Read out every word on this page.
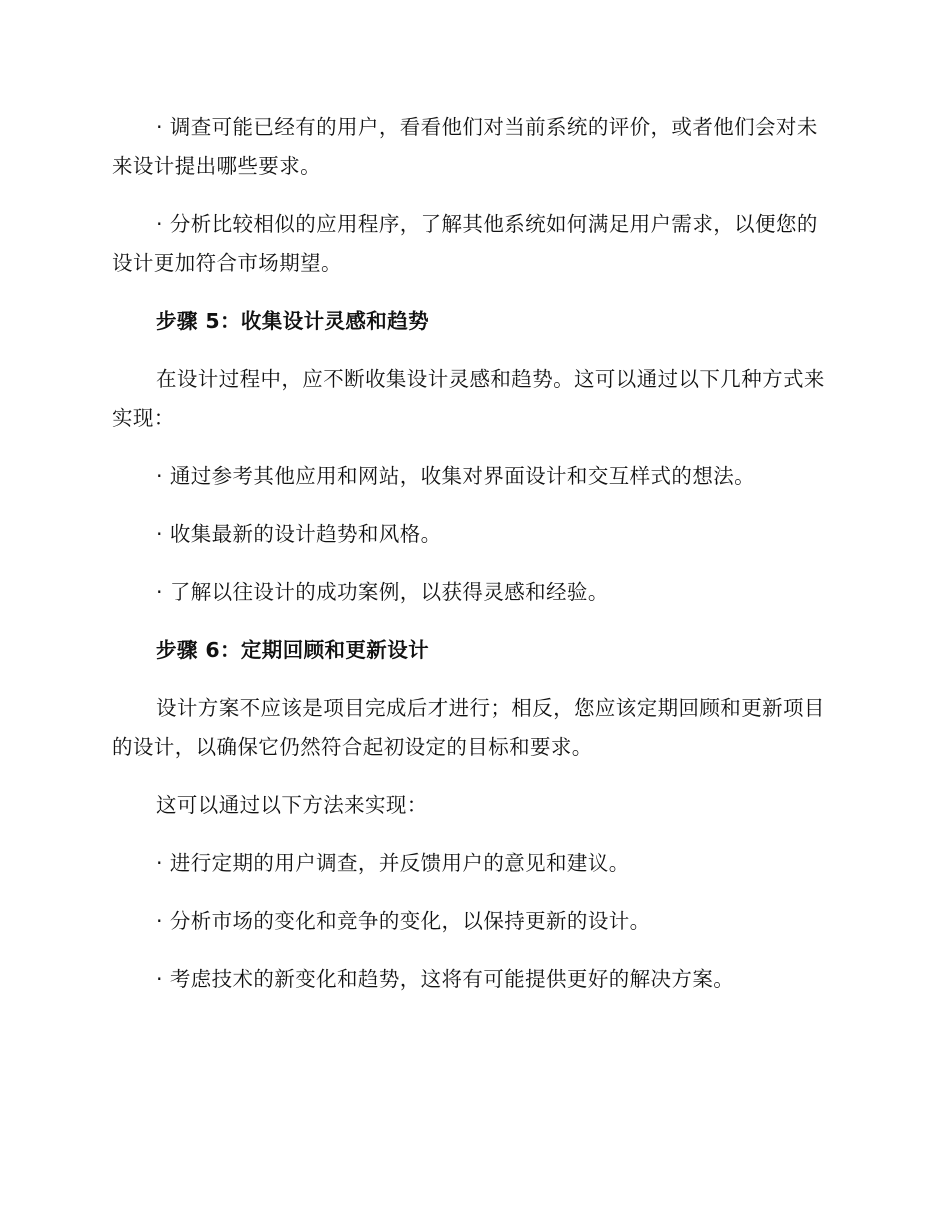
· 调查可能已经有的用户，看看他们对当前系统的评价，或者他们会对未来设计提出哪些要求。

· 分析比较相似的应用程序，了解其他系统如何满足用户需求，以便您的设计更加符合市场期望。

步骤 5：收集设计灵感和趋势

在设计过程中，应不断收集设计灵感和趋势。这可以通过以下几种方式来实现：

· 通过参考其他应用和网站，收集对界面设计和交互样式的想法。

· 收集最新的设计趋势和风格。

· 了解以往设计的成功案例，以获得灵感和经验。

步骤 6：定期回顾和更新设计

设计方案不应该是项目完成后才进行；相反，您应该定期回顾和更新项目的设计，以确保它仍然符合起初设定的目标和要求。

这可以通过以下方法来实现：

· 进行定期的用户调查，并反馈用户的意见和建议。

· 分析市场的变化和竞争的变化，以保持更新的设计。

· 考虑技术的新变化和趋势，这将有可能提供更好的解决方案。
